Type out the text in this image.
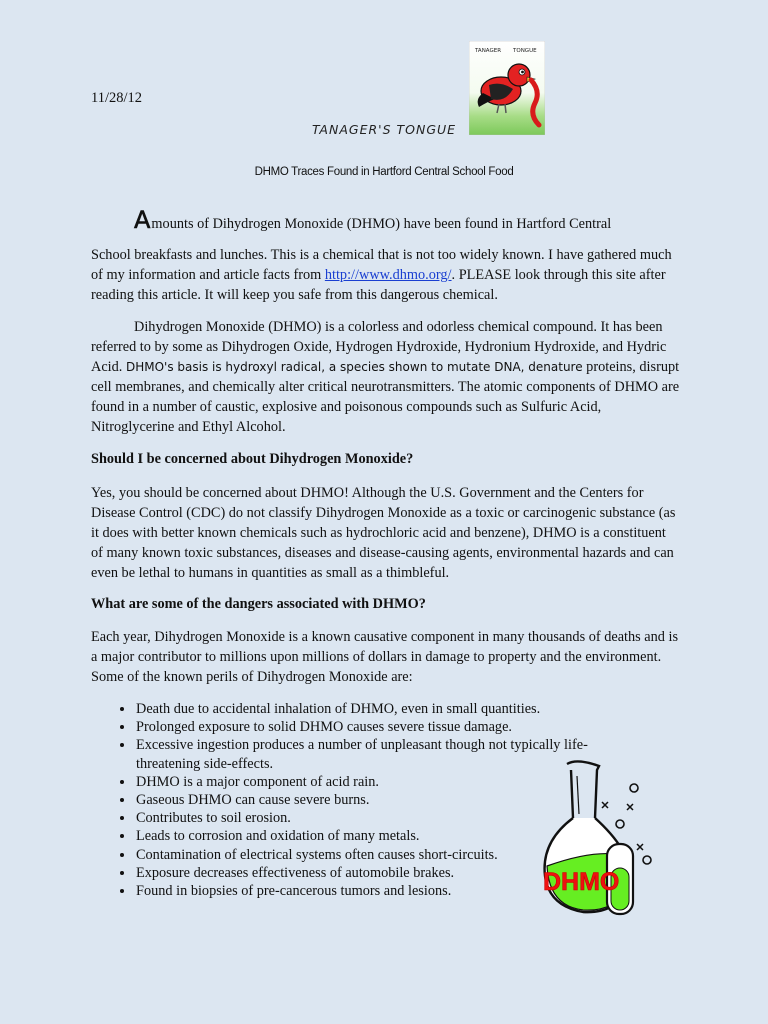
11/28/12
TANAGER TONGUE
TANAGER'S TONGUE
DHMO Traces Found in Hartford Central School Food
Amounts of Dihydrogen Monoxide (DHMO) have been found in Hartford Central
School breakfasts and lunches. This is a chemical that is not too widely known. I have gathered much of my information and article facts from http://www.dhmo.org/. PLEASE look through this site after reading this article. It will keep you safe from this dangerous chemical.
Dihydrogen Monoxide (DHMO) is a colorless and odorless chemical compound. It has been referred to by some as Dihydrogen Oxide, Hydrogen Hydroxide, Hydronium Hydroxide, and Hydric Acid. DHMO's basis is hydroxyl radical, a species shown to mutate DNA, denature proteins, disrupt cell membranes, and chemically alter critical neurotransmitters. The atomic components of DHMO are found in a number of caustic, explosive and poisonous compounds such as Sulfuric Acid, Nitroglycerine and Ethyl Alcohol.
Should I be concerned about Dihydrogen Monoxide?
Yes, you should be concerned about DHMO! Although the U.S. Government and the Centers for Disease Control (CDC) do not classify Dihydrogen Monoxide as a toxic or carcinogenic substance (as it does with better known chemicals such as hydrochloric acid and benzene), DHMO is a constituent of many known toxic substances, diseases and disease-causing agents, environmental hazards and can even be lethal to humans in quantities as small as a thimbleful.
What are some of the dangers associated with DHMO?
Each year, Dihydrogen Monoxide is a known causative component in many thousands of deaths and is a major contributor to millions upon millions of dollars in damage to property and the environment. Some of the known perils of Dihydrogen Monoxide are:
• Death due to accidental inhalation of DHMO, even in small quantities.
• Prolonged exposure to solid DHMO causes severe tissue damage.
• Excessive ingestion produces a number of unpleasant though not typically life-threatening side-effects.
• DHMO is a major component of acid rain.
• Gaseous DHMO can cause severe burns.
• Contributes to soil erosion.
• Leads to corrosion and oxidation of many metals.
• Contamination of electrical systems often causes short-circuits.
• Exposure decreases effectiveness of automobile brakes.
• Found in biopsies of pre-cancerous tumors and lesions.	DHMO
